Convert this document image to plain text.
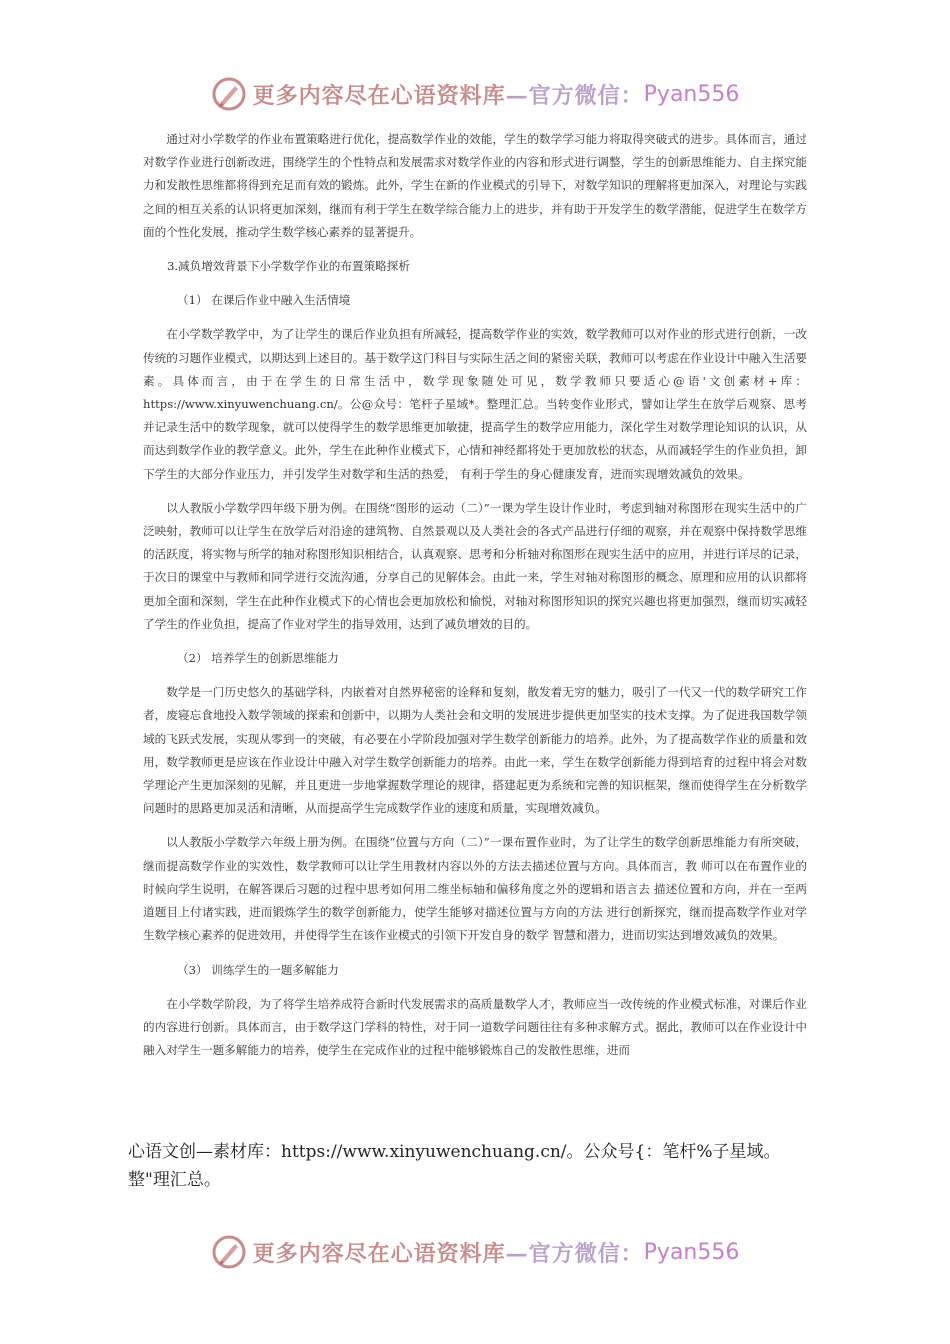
更多内容尽在心语资料库 —官方微信： Pyan556

通过对小学数学的作业布置策略进行优化，提高数学作业的效能，学生的数学学习能力将取得突破式的进步。具体而言，通过对数学作业进行创新改进，围绕学生的个性特点和发展需求对数学作业的内容和形式进行调整，学生的创新思维能力、自主探究能力和发散性思维都将得到充足而有效的锻炼。此外，学生在新的作业模式的引导下，对数学知识的理解将更加深入，对理论与实践之间的相互关系的认识将更加深刻，继而有利于学生在数学综合能力上的进步，并有助于开发学生的数学潜能，促进学生在数学方面的个性化发展，推动学生数学核心素养的显著提升。

3.减负增效背景下小学数学作业的布置策略探析

（1） 在课后作业中融入生活情境

在小学数学教学中，为了让学生的课后作业负担有所减轻，提高数学作业的实效，数学教师可以对作业的形式进行创新，一改传统的习题作业模式，以期达到上述目的。基于数学这门科目与实际生活之间的紧密关联，教师可以考虑在作业设计中融入生活要素。具体而言，由于在学生的日常生活中，数学现象随处可见，数学教师只要适心@语'文创素材+库：https://www.xinyuwenchuang.cn/。公@众号：笔杆子星域*。整理汇总。当转变作业形式，譬如让学生在放学后观察、思考并记录生活中的数学现象，就可以使得学生的数学思维更加敏捷，提高学生的数学应用能力，深化学生对数学理论知识的认识，从而达到数学作业的教学意义。此外，学生在此种作业模式下，心情和神经都将处于更加放松的状态，从而减轻学生的作业负担，卸下学生的大部分作业压力，并引发学生对数学和生活的热爱， 有利于学生的身心健康发育，进而实现增效减负的效果。

以人教版小学数学四年级下册为例。在围绕“图形的运动（二）”一课为学生设计作业时，考虑到轴对称图形在现实生活中的广泛映射，教师可以让学生在放学后对沿途的建筑物、自然景观以及人类社会的各式产品进行仔细的观察，并在观察中保持数学思维的活跃度，将实物与所学的轴对称图形知识相结合，认真观察、思考和分析轴对称图形在现实生活中的应用，并进行详尽的记录，于次日的课堂中与教师和同学进行交流沟通，分享自己的见解体会。由此一来，学生对轴对称图形的概念、原理和应用的认识都将更加全面和深刻，学生在此种作业模式下的心情也会更加放松和愉悦，对轴对称图形知识的探究兴趣也将更加强烈，继而切实减轻了学生的作业负担，提高了作业对学生的指导效用，达到了减负增效的目的。

（2） 培养学生的创新思维能力

数学是一门历史悠久的基础学科，内嵌着对自然界秘密的诠释和复刻，散发着无穷的魅力，吸引了一代又一代的数学研究工作者，废寝忘食地投入数学领域的探索和创新中，以期为人类社会和文明的发展进步提供更加坚实的技术支撑。为了促进我国数学领域的飞跃式发展，实现从零到一的突破，有必要在小学阶段加强对学生数学创新能力的培养。此外，为了提高数学作业的质量和效用，数学教师更是应该在作业设计中融入对学生数学创新能力的培养。由此一来，学生在数学创新能力得到培育的过程中将会对数学理论产生更加深刻的见解，并且更进一步地掌握数学理论的规律，搭建起更为系统和完善的知识框架，继而使得学生在分析数学问题时的思路更加灵活和清晰，从而提高学生完成数学作业的速度和质量，实现增效减负。

以人教版小学数学六年级上册为例。在围绕“位置与方向（二）”一课布置作业时，为了让学生的数学创新思维能力有所突破，继而提高数学作业的实效性，数学教师可以让学生用教材内容以外的方法去描述位置与方向。具体而言，教 师可以在布置作业的时候向学生说明，在解答课后习题的过程中思考如何用二维坐标轴和偏移角度之外的逻辑和语言去 描述位置和方向，并在一至两道题目上付诸实践，进而锻炼学生的数学创新能力，使学生能够对描述位置与方向的方法 进行创新探究，继而提高数学作业对学生数学核心素养的促进效用，并使得学生在该作业模式的引领下开发自身的数学 智慧和潜力，进而切实达到增效减负的效果。

（3） 训练学生的一题多解能力

在小学数学阶段，为了将学生培养成符合新时代发展需求的高质量数学人才，教师应当一改传统的作业模式标准，对课后作业的内容进行创新。具体而言，由于数学这门学科的特性，对于同一道数学问题往往有多种求解方式。据此，教师可以在作业设计中融入对学生一题多解能力的培养，使学生在完成作业的过程中能够锻炼自己的发散性思维，进而

心语文创—素材库：https://www.xinyuwenchuang.cn/。公众号{：笔杆%子星域。整"理汇总。

更多内容尽在心语资料库 —官方微信： Pyan556
